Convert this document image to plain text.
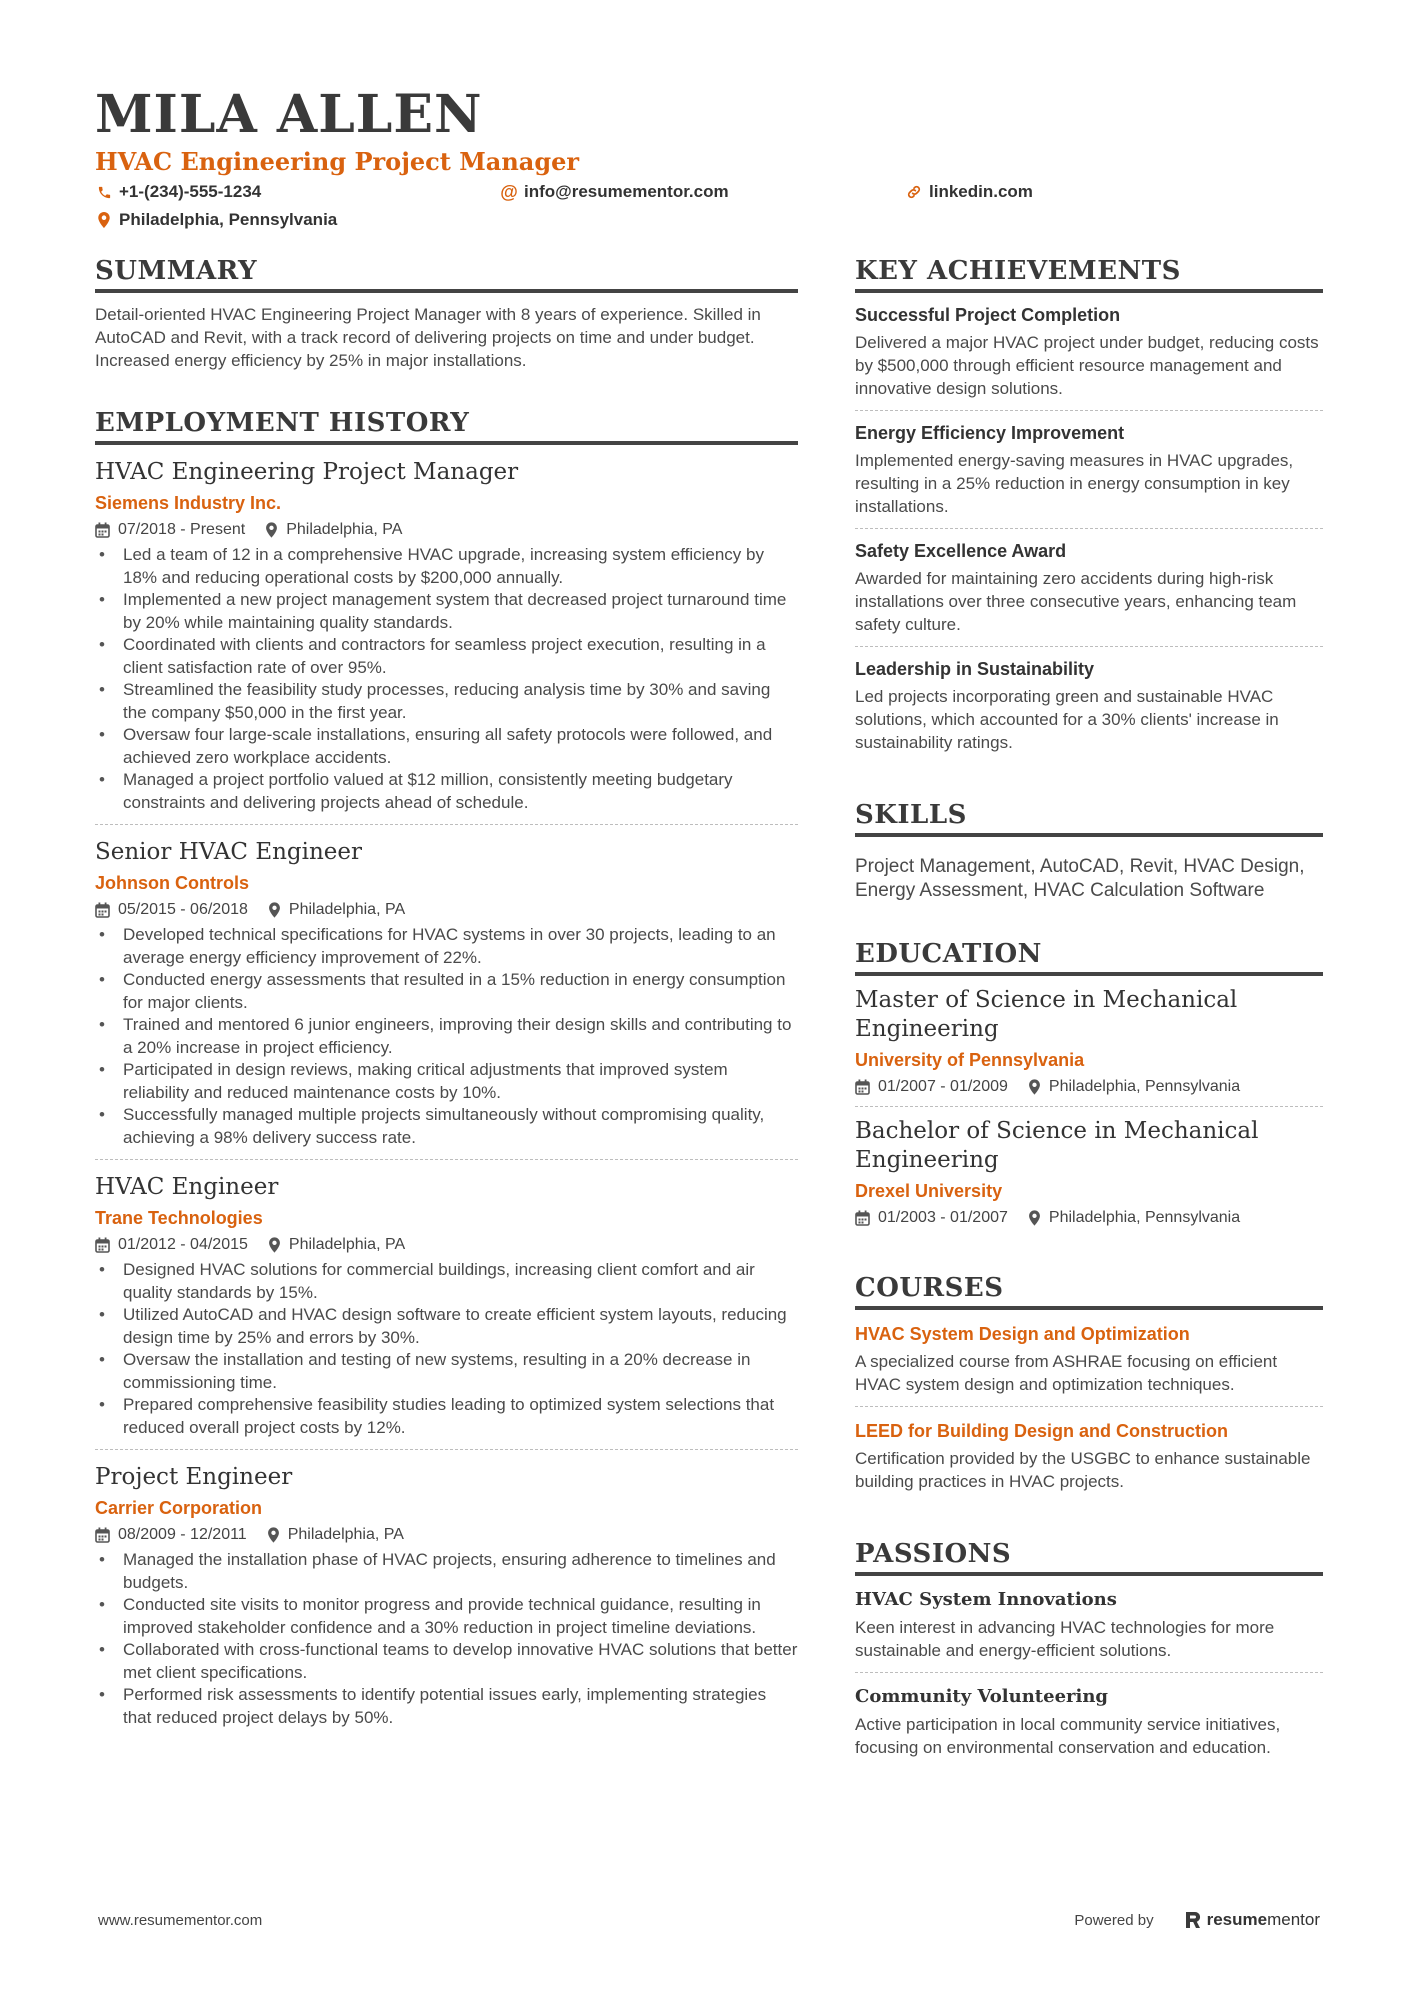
MILA ALLEN
HVAC Engineering Project Manager
+1-(234)-555-1234	@ info@resumementor.com	linkedin.com
Philadelphia, Pennsylvania
SUMMARY
Detail-oriented HVAC Engineering Project Manager with 8 years of experience. Skilled in AutoCAD and Revit, with a track record of delivering projects on time and under budget. Increased energy efficiency by 25% in major installations.
EMPLOYMENT HISTORY
HVAC Engineering Project Manager
Siemens Industry Inc.
07/2018 - Present	Philadelphia, PA
• Led a team of 12 in a comprehensive HVAC upgrade, increasing system efficiency by 18% and reducing operational costs by $200,000 annually.
• Implemented a new project management system that decreased project turnaround time by 20% while maintaining quality standards.
• Coordinated with clients and contractors for seamless project execution, resulting in a client satisfaction rate of over 95%.
• Streamlined the feasibility study processes, reducing analysis time by 30% and saving the company $50,000 in the first year.
• Oversaw four large-scale installations, ensuring all safety protocols were followed, and achieved zero workplace accidents.
• Managed a project portfolio valued at $12 million, consistently meeting budgetary constraints and delivering projects ahead of schedule.
Senior HVAC Engineer
Johnson Controls
05/2015 - 06/2018	Philadelphia, PA
• Developed technical specifications for HVAC systems in over 30 projects, leading to an average energy efficiency improvement of 22%.
• Conducted energy assessments that resulted in a 15% reduction in energy consumption for major clients.
• Trained and mentored 6 junior engineers, improving their design skills and contributing to a 20% increase in project efficiency.
• Participated in design reviews, making critical adjustments that improved system reliability and reduced maintenance costs by 10%.
• Successfully managed multiple projects simultaneously without compromising quality, achieving a 98% delivery success rate.
HVAC Engineer
Trane Technologies
01/2012 - 04/2015	Philadelphia, PA
• Designed HVAC solutions for commercial buildings, increasing client comfort and air quality standards by 15%.
• Utilized AutoCAD and HVAC design software to create efficient system layouts, reducing design time by 25% and errors by 30%.
• Oversaw the installation and testing of new systems, resulting in a 20% decrease in commissioning time.
• Prepared comprehensive feasibility studies leading to optimized system selections that reduced overall project costs by 12%.
Project Engineer
Carrier Corporation
08/2009 - 12/2011	Philadelphia, PA
• Managed the installation phase of HVAC projects, ensuring adherence to timelines and budgets.
• Conducted site visits to monitor progress and provide technical guidance, resulting in improved stakeholder confidence and a 30% reduction in project timeline deviations.
• Collaborated with cross-functional teams to develop innovative HVAC solutions that better met client specifications.
• Performed risk assessments to identify potential issues early, implementing strategies that reduced project delays by 50%.
KEY ACHIEVEMENTS
Successful Project Completion
Delivered a major HVAC project under budget, reducing costs by $500,000 through efficient resource management and innovative design solutions.
Energy Efficiency Improvement
Implemented energy-saving measures in HVAC upgrades, resulting in a 25% reduction in energy consumption in key installations.
Safety Excellence Award
Awarded for maintaining zero accidents during high-risk installations over three consecutive years, enhancing team safety culture.
Leadership in Sustainability
Led projects incorporating green and sustainable HVAC solutions, which accounted for a 30% clients' increase in sustainability ratings.
SKILLS
Project Management, AutoCAD, Revit, HVAC Design, Energy Assessment, HVAC Calculation Software
EDUCATION
Master of Science in Mechanical Engineering
University of Pennsylvania
01/2007 - 01/2009	Philadelphia, Pennsylvania
Bachelor of Science in Mechanical Engineering
Drexel University
01/2003 - 01/2007	Philadelphia, Pennsylvania
COURSES
HVAC System Design and Optimization
A specialized course from ASHRAE focusing on efficient HVAC system design and optimization techniques.
LEED for Building Design and Construction
Certification provided by the USGBC to enhance sustainable building practices in HVAC projects.
PASSIONS
HVAC System Innovations
Keen interest in advancing HVAC technologies for more sustainable and energy-efficient solutions.
Community Volunteering
Active participation in local community service initiatives, focusing on environmental conservation and education.
www.resumementor.com	Powered by	resume mentor
